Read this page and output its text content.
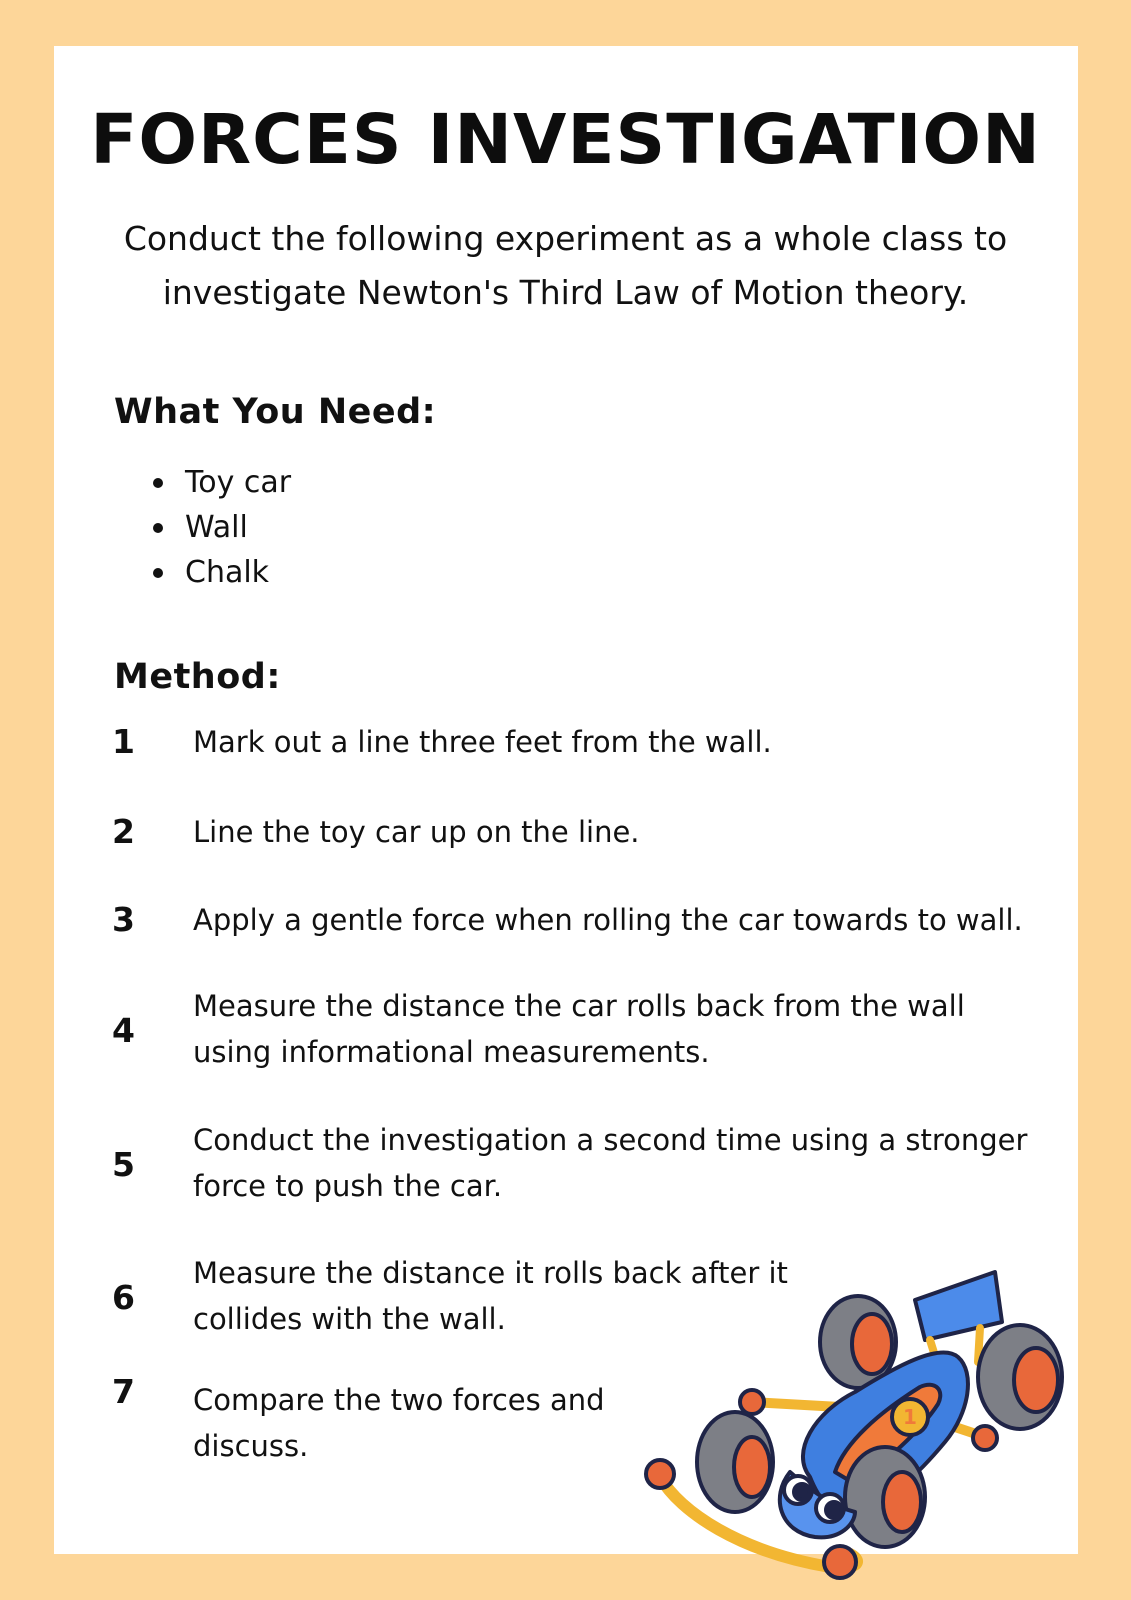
FORCES INVESTIGATION

Conduct the following experiment as a whole class to
investigate Newton's Third Law of Motion theory.

What You Need:
Toy car
Wall
Chalk
Method:
1 Mark out a line three feet from the wall.

2 Line the toy car up on the line.

3 Apply a gentle force when rolling the car towards to wall.

4

Measure the distance the car rolls back from the wall
using informational measurements.

5

Conduct the investigation a second time using a stronger
force to push the car.

6

Measure the distance it rolls back after it
collides with the wall.

7 Compare the two forces and
discuss.

1
